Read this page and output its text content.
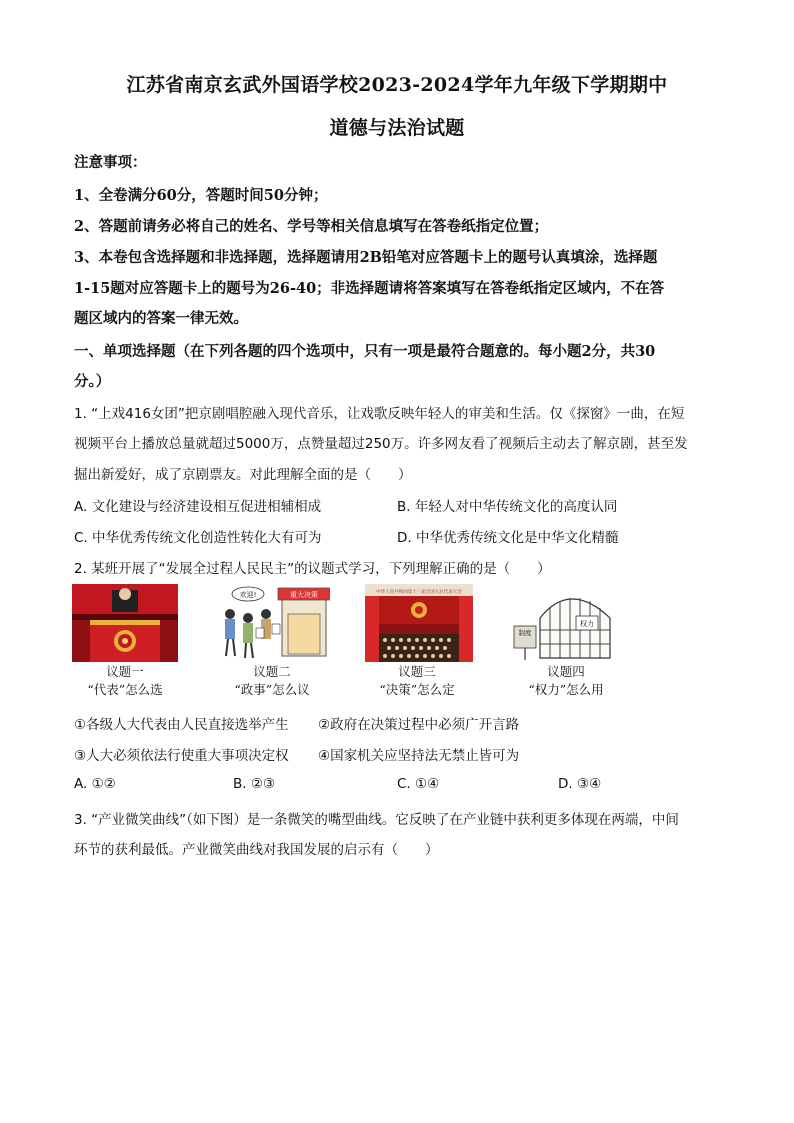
江苏省南京玄武外国语学校2023-2024学年九年级下学期期中
道德与法治试题
注意事项：
1、全卷满分60分，答题时间50分钟；
2、答题前请务必将自己的姓名、学号等相关信息填写在答卷纸指定位置；
3、本卷包含选择题和非选择题，选择题请用2B铅笔对应答题卡上的题号认真填涂，选择题
1-15题对应答题卡上的题号为26-40；非选择题请将答案填写在答卷纸指定区域内，不在答
题区域内的答案一律无效。
一、单项选择题（在下列各题的四个选项中，只有一项是最符合题意的。每小题2分，共30
分。）
1. “上戏416女团”把京剧唱腔融入现代音乐，让戏歌反映年轻人的审美和生活。仅《探窗》一曲，在短
视频平台上播放总量就超过5000万，点赞量超过250万。许多网友看了视频后主动去了解京剧，甚至发
掘出新爱好，成了京剧票友。对此理解全面的是（　　）
A. 文化建设与经济建设相互促进相辅相成	B. 年轻人对中华传统文化的高度认同
C. 中华优秀传统文化创造性转化大有可为	D. 中华优秀传统文化是中华文化精髓
2. 某班开展了“发展全过程人民民主”的议题式学习，下列理解正确的是（　　）
重大决策
欢迎!	中华人民共和国第十三届全国人民代表大会
权力
制度
议题一
“代表”怎么选
议题二
“政事”怎么议
议题三
“决策”怎么定
议题四
“权力”怎么用
①各级人大代表由人民直接选举产生 ②政府在决策过程中必须广开言路
③人大必须依法行使重大事项决定权 ④国家机关应坚持法无禁止皆可为
A. ①②	B. ②③	C. ①④	D. ③④
3. “产业微笑曲线”（如下图）是一条微笑的嘴型曲线。它反映了在产业链中获利更多体现在两端，中间
环节的获利最低。产业微笑曲线对我国发展的启示有（　　）
